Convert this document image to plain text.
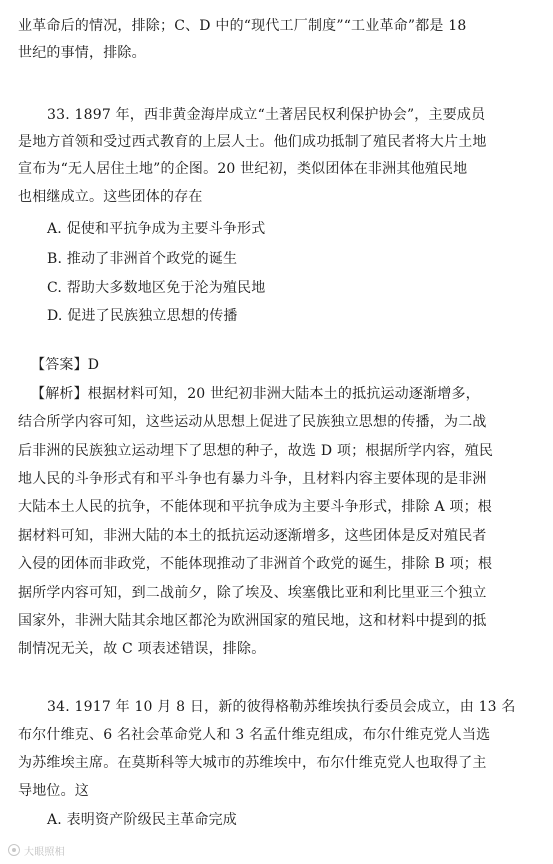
业革命后的情况，排除；C、D 中的“现代工厂制度”“工业革命”都是 18
世纪的事情，排除。
33. 1897 年，西非黄金海岸成立“土著居民权利保护协会”，主要成员
是地方首领和受过西式教育的上层人士。他们成功抵制了殖民者将大片土地
宣布为“无人居住土地”的企图。20 世纪初，类似团体在非洲其他殖民地
也相继成立。这些团体的存在
A. 促使和平抗争成为主要斗争形式
B. 推动了非洲首个政党的诞生
C. 帮助大多数地区免于沦为殖民地
D. 促进了民族独立思想的传播
【答案】D
【解析】根据材料可知，20 世纪初非洲大陆本土的抵抗运动逐渐增多，
结合所学内容可知，这些运动从思想上促进了民族独立思想的传播，为二战
后非洲的民族独立运动埋下了思想的种子，故选 D 项；根据所学内容，殖民
地人民的斗争形式有和平斗争也有暴力斗争，且材料内容主要体现的是非洲
大陆本土人民的抗争，不能体现和平抗争成为主要斗争形式，排除 A 项；根
据材料可知，非洲大陆的本土的抵抗运动逐渐增多，这些团体是反对殖民者
入侵的团体而非政党，不能体现推动了非洲首个政党的诞生，排除 B 项；根
据所学内容可知，到二战前夕，除了埃及、埃塞俄比亚和利比里亚三个独立
国家外，非洲大陆其余地区都沦为欧洲国家的殖民地，这和材料中提到的抵
制情况无关，故 C 项表述错误，排除。
34. 1917 年 10 月 8 日，新的彼得格勒苏维埃执行委员会成立，由 13 名
布尔什维克、6 名社会革命党人和 3 名孟什维克组成，布尔什维克党人当选
为苏维埃主席。在莫斯科等大城市的苏维埃中，布尔什维克党人也取得了主
导地位。这
A. 表明资产阶级民主革命完成
大眼照相
